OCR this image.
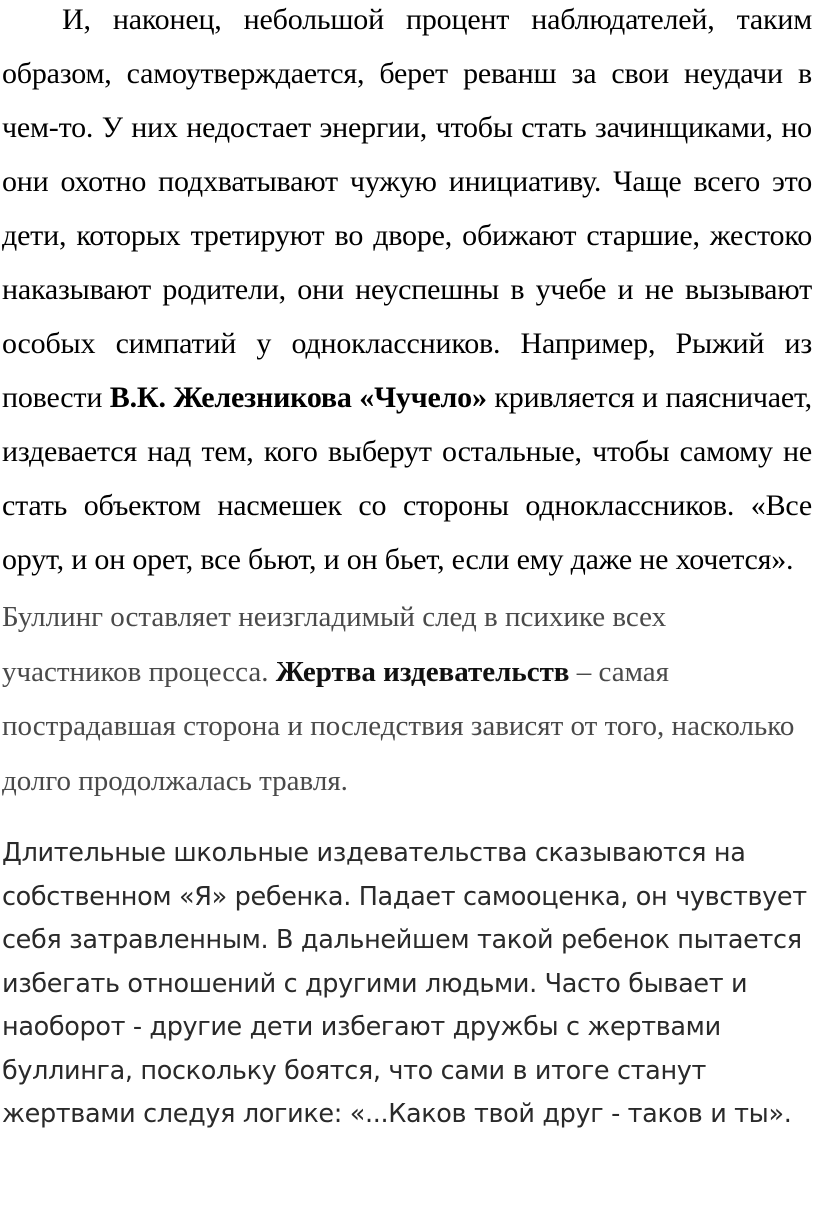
И, наконец, небольшой процент наблюдателей, таким образом, самоутверждается, берет реванш за свои неудачи в чем-то. У них недостает энергии, чтобы стать зачинщиками, но они охотно подхватывают чужую инициативу. Чаще всего это дети, которых третируют во дворе, обижают старшие, жестоко наказывают родители, они неуспешны в учебе и не вызывают особых симпатий у одноклассников. Например, Рыжий из повести В.К. Железникова «Чучело» кривляется и паясничает, издевается над тем, кого выберут остальные, чтобы самому не стать объектом насмешек со стороны одноклассников. «Все орут, и он орет, все бьют, и он бьет, если ему даже не хочется».

Буллинг оставляет неизгладимый след в психике всех участников процесса. Жертва издевательств – самая пострадавшая сторона и последствия зависят от того, насколько долго продолжалась травля.

Длительные школьные издевательства сказываются на собственном «Я» ребенка. Падает самооценка, он чувствует себя затравленным. В дальнейшем такой ребенок пытается избегать отношений с другими людьми. Часто бывает и наоборот - другие дети избегают дружбы с жертвами буллинга, поскольку боятся, что сами в итоге станут жертвами следуя логике: «...Каков твой друг - таков и ты».
